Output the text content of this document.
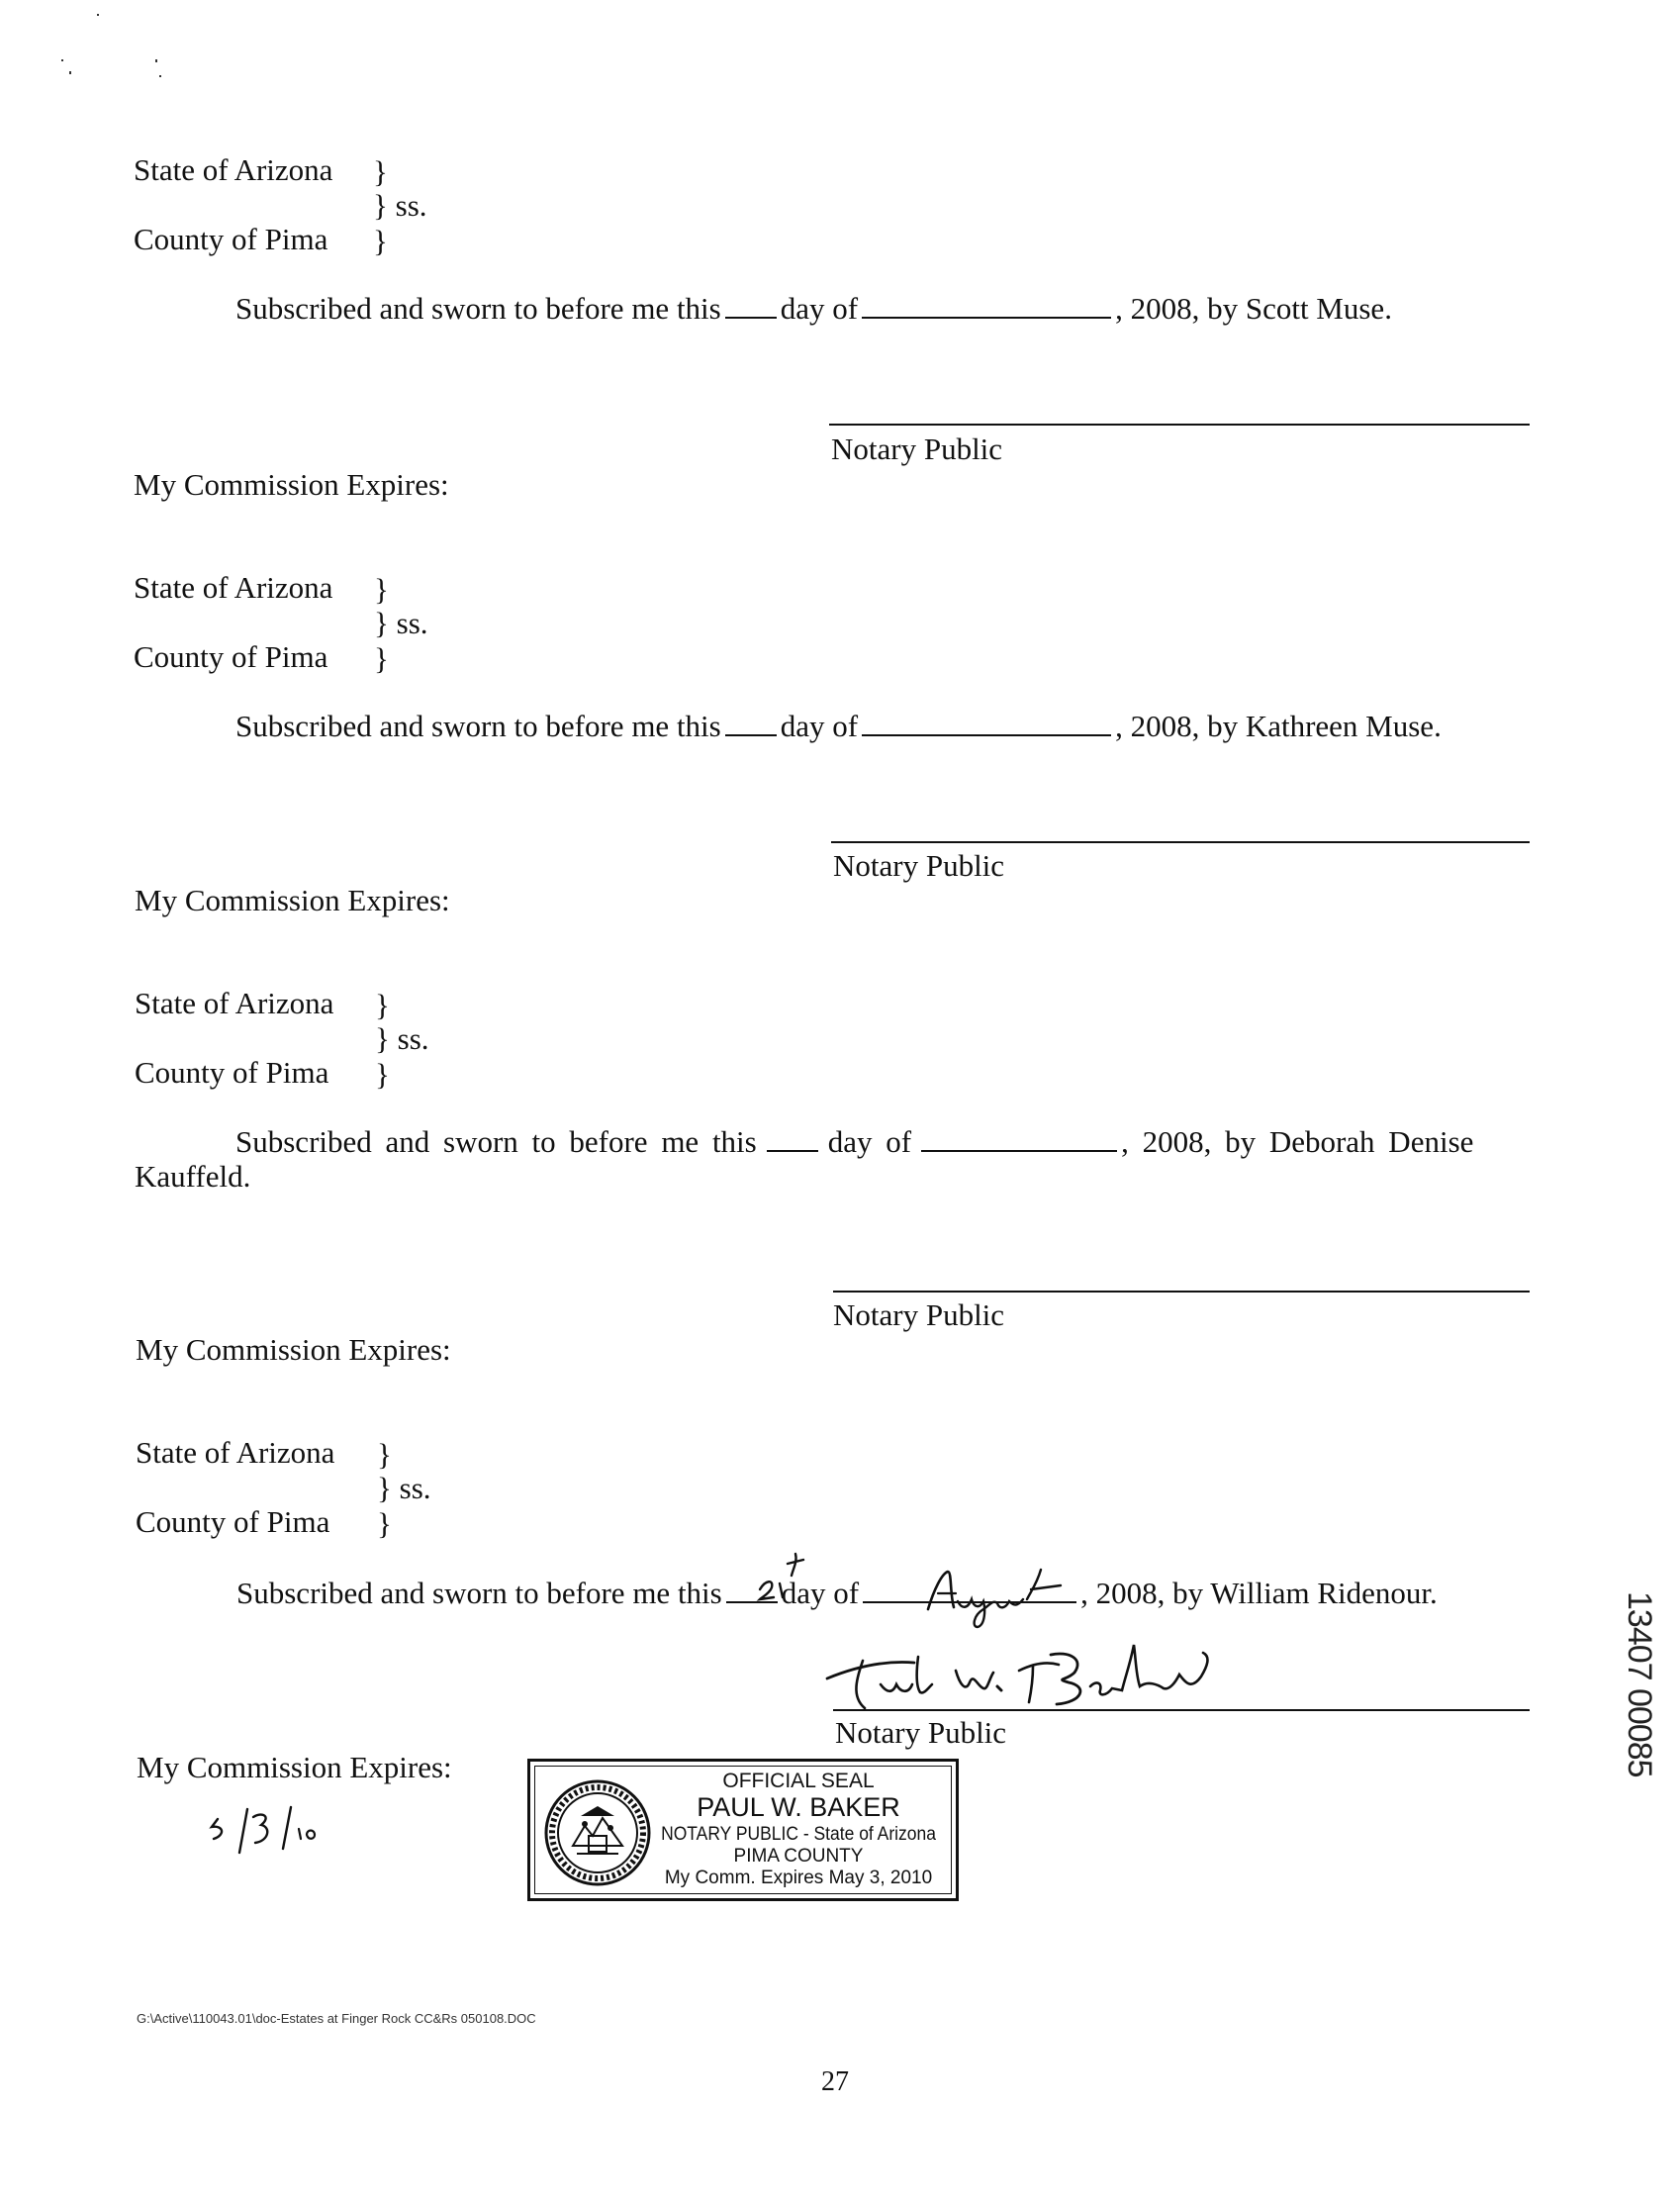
State of Arizona }
} ss.
County of Pima }
Subscribed and sworn to before me this day of	, 2008, by Scott Muse.
Notary Public
My Commission Expires:
State of Arizona }
} ss.
County of Pima }
Subscribed and sworn to before me this day of	, 2008, by Kathreen Muse.
Notary Public
My Commission Expires:
State of Arizona }
} ss.
County of Pima }
Subscribed and sworn to before me this day of	, 2008, by Deborah Denise
Kauffeld.
Notary Public
My Commission Expires:
State of Arizona }
} ss.
County of Pima }
Subscribed and sworn to before me this day of	, 2008, by William Ridenour.
Notary Public
My Commission Expires:	OFFICIAL SEAL
PAUL W. BAKER
NOTARY PUBLIC - State of Arizona
PIMA COUNTY
My Comm. Expires May 3, 2010
G:\Active\110043.01\doc-Estates at Finger Rock CC&Rs 050108.DOC
27
13407 00085
